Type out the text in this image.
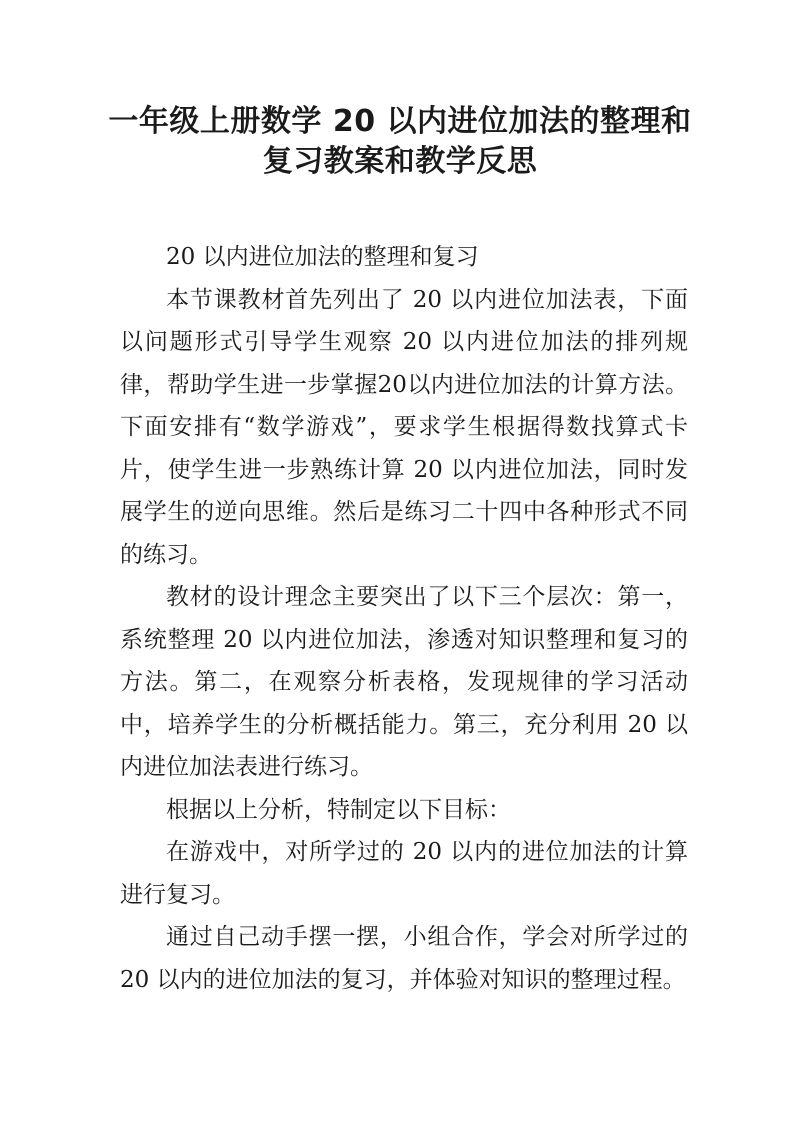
一年级上册数学 20 以内进位加法的整理和
复习教案和教学反思

20 以内进位加法的整理和复习

本节课教材首先列出了 20 以内进位加法表，下面以问题形式引导学生观察 20 以内进位加法的排列规律，帮助学生进一步掌握20以内进位加法的计算方法。下面安排有“数学游戏”，要求学生根据得数找算式卡片，使学生进一步熟练计算 20 以内进位加法，同时发展学生的逆向思维。然后是练习二十四中各种形式不同的练习。

教材的设计理念主要突出了以下三个层次：第一，系统整理 20 以内进位加法，渗透对知识整理和复习的方法。第二，在观察分析表格，发现规律的学习活动中，培养学生的分析概括能力。第三，充分利用 20 以内进位加法表进行练习。

根据以上分析，特制定以下目标：

在游戏中，对所学过的 20 以内的进位加法的计算进行复习。

通过自己动手摆一摆，小组合作，学会对所学过的 20 以内的进位加法的复习，并体验对知识的整理过程。
